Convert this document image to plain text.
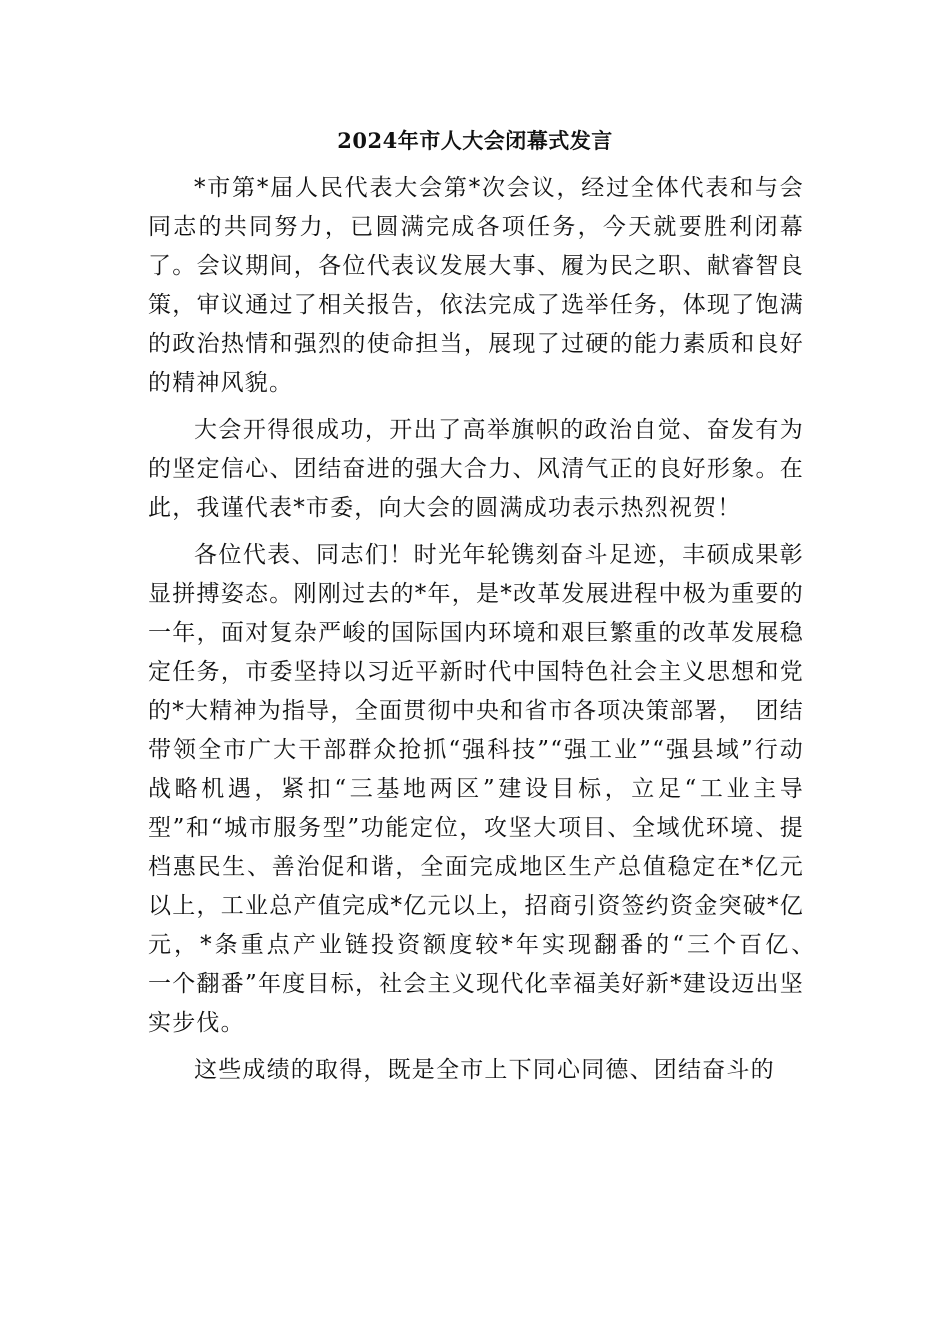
2024年市人大会闭幕式发言

*市第*届人民代表大会第*次会议，经过全体代表和与会同志的共同努力，已圆满完成各项任务，今天就要胜利闭幕了。会议期间，各位代表议发展大事、履为民之职、献睿智良策，审议通过了相关报告，依法完成了选举任务，体现了饱满的政治热情和强烈的使命担当，展现了过硬的能力素质和良好的精神风貌。

大会开得很成功，开出了高举旗帜的政治自觉、奋发有为的坚定信心、团结奋进的强大合力、风清气正的良好形象。在此，我谨代表*市委，向大会的圆满成功表示热烈祝贺！

各位代表、同志们！时光年轮镌刻奋斗足迹，丰硕成果彰显拼搏姿态。刚刚过去的*年，是*改革发展进程中极为重要的一年，面对复杂严峻的国际国内环境和艰巨繁重的改革发展稳定任务，市委坚持以习近平新时代中国特色社会主义思想和党的*大精神为指导，全面贯彻中央和省市各项决策部署，　团结带领全市广大干部群众抢抓“强科技”“强工业”“强县域”行动战略机遇，紧扣“三基地两区”建设目标，立足“工业主导型”和“城市服务型”功能定位，攻坚大项目、全域优环境、提档惠民生、善治促和谐，全面完成地区生产总值稳定在*亿元以上，工业总产值完成*亿元以上，招商引资签约资金突破*亿元，*条重点产业链投资额度较*年实现翻番的“三个百亿、　一个翻番”年度目标，社会主义现代化幸福美好新*建设迈出坚实步伐。

这些成绩的取得，既是全市上下同心同德、团结奋斗的
